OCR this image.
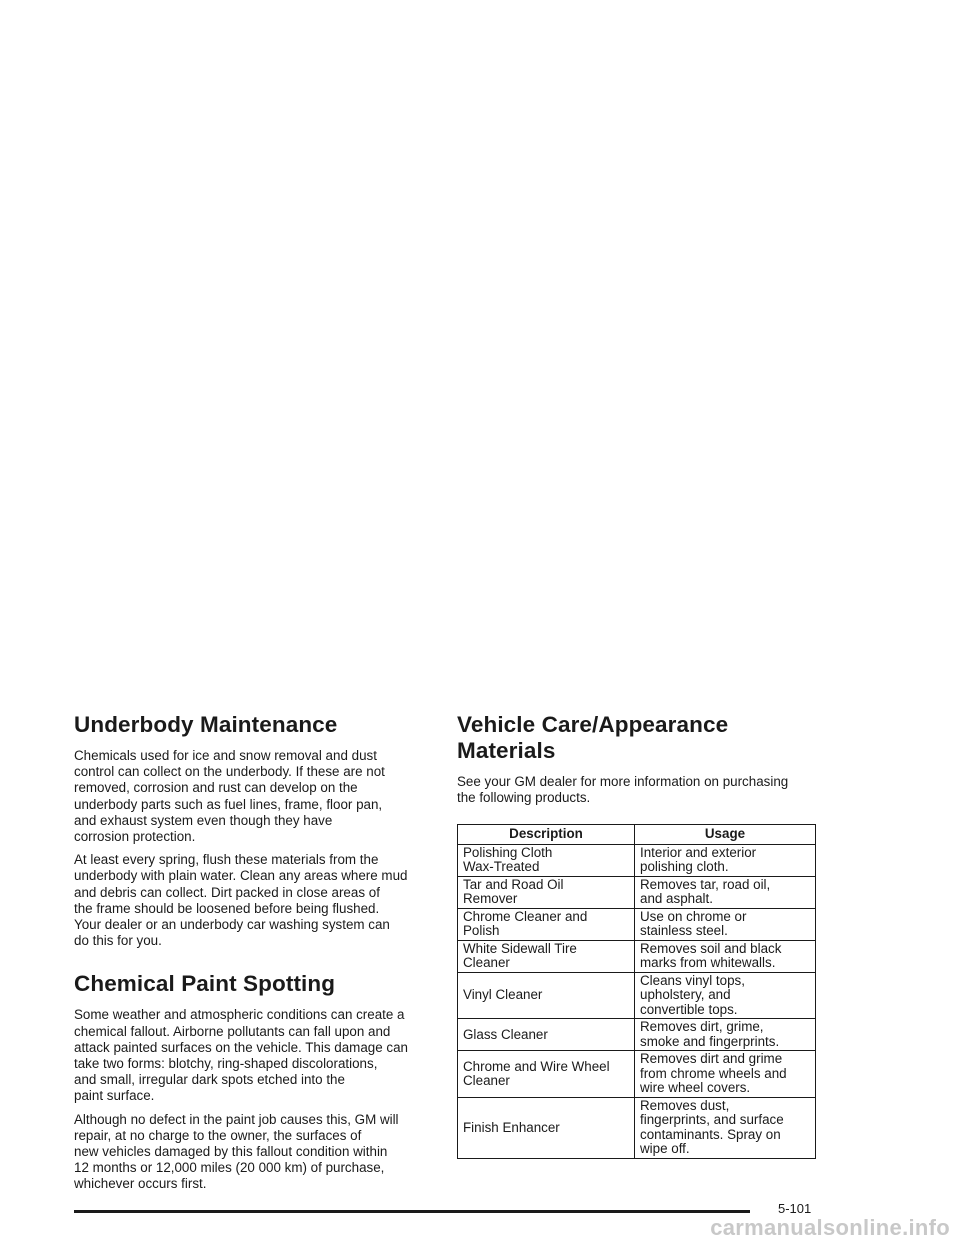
Underbody Maintenance

Chemicals used for ice and snow removal and dust
control can collect on the underbody. If these are not
removed, corrosion and rust can develop on the
underbody parts such as fuel lines, frame, floor pan,
and exhaust system even though they have
corrosion protection.

At least every spring, flush these materials from the
underbody with plain water. Clean any areas where mud
and debris can collect. Dirt packed in close areas of
the frame should be loosened before being flushed.
Your dealer or an underbody car washing system can
do this for you.

Chemical Paint Spotting

Some weather and atmospheric conditions can create a
chemical fallout. Airborne pollutants can fall upon and
attack painted surfaces on the vehicle. This damage can
take two forms: blotchy, ring-shaped discolorations,
and small, irregular dark spots etched into the
paint surface.

Although no defect in the paint job causes this, GM will
repair, at no charge to the owner, the surfaces of
new vehicles damaged by this fallout condition within
12 months or 12,000 miles (20 000 km) of purchase,
whichever occurs first.

Vehicle Care/Appearance Materials

See your GM dealer for more information on purchasing
the following products.

Description	Usage
Polishing Cloth
Wax-Treated	Interior and exterior
polishing cloth.
Tar and Road Oil
Remover	Removes tar, road oil,
and asphalt.
Chrome Cleaner and
Polish	Use on chrome or
stainless steel.
White Sidewall Tire
Cleaner	Removes soil and black
marks from whitewalls.
Vinyl Cleaner	Cleans vinyl tops,
upholstery, and
convertible tops.
Glass Cleaner	Removes dirt, grime,
smoke and fingerprints.
Chrome and Wire Wheel
Cleaner	Removes dirt and grime
from chrome wheels and
wire wheel covers.
Finish Enhancer	Removes dust,
fingerprints, and surface
contaminants. Spray on
wipe off.
5-101
carmanualsonline.info
